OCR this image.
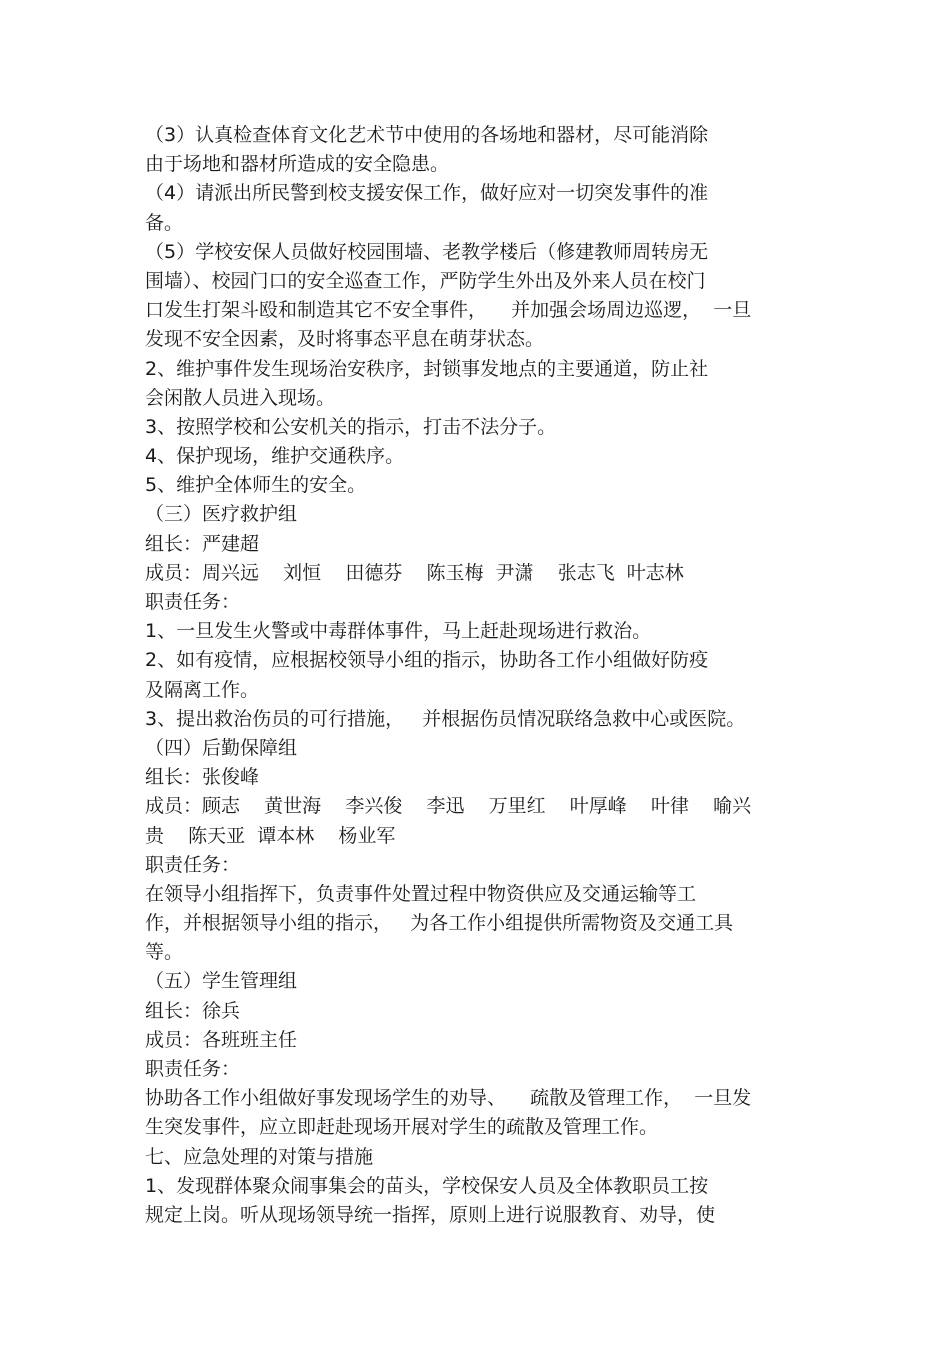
（3）认真检查体育文化艺术节中使用的各场地和器材，尽可能消除
由于场地和器材所造成的安全隐患。
（4）请派出所民警到校支援安保工作，做好应对一切突发事件的准
备。
（5）学校安保人员做好校园围墙、老教学楼后（修建教师周转房无
围墙）、校园门口的安全巡查工作，严防学生外出及外来人员在校门
口发生打架斗殴和制造其它不安全事件，    并加强会场周边巡逻，  一旦
发现不安全因素，及时将事态平息在萌芽状态。
2、维护事件发生现场治安秩序，封锁事发地点的主要通道，防止社
会闲散人员进入现场。
3、按照学校和公安机关的指示，打击不法分子。
4、保护现场，维护交通秩序。
5、维护全体师生的安全。
（三）医疗救护组
组长：严建超
成员：周兴远    刘恒    田德芬    陈玉梅  尹潇    张志飞  叶志林
职责任务：
1、一旦发生火警或中毒群体事件，马上赶赴现场进行救治。
2、如有疫情，应根据校领导小组的指示，协助各工作小组做好防疫
及隔离工作。
3、提出救治伤员的可行措施，   并根据伤员情况联络急救中心或医院。
（四）后勤保障组
组长：张俊峰
成员：顾志    黄世海    李兴俊    李迅    万里红    叶厚峰    叶律    喻兴
贵    陈天亚  谭本林    杨业军
职责任务：
在领导小组指挥下，负责事件处置过程中物资供应及交通运输等工
作，并根据领导小组的指示，   为各工作小组提供所需物资及交通工具
等。
（五）学生管理组
组长：徐兵
成员：各班班主任
职责任务：
协助各工作小组做好事发现场学生的劝导、    疏散及管理工作，  一旦发
生突发事件，应立即赶赴现场开展对学生的疏散及管理工作。
七、应急处理的对策与措施
1、发现群体聚众闹事集会的苗头，学校保安人员及全体教职员工按
规定上岗。听从现场领导统一指挥，原则上进行说服教育、劝导，使
